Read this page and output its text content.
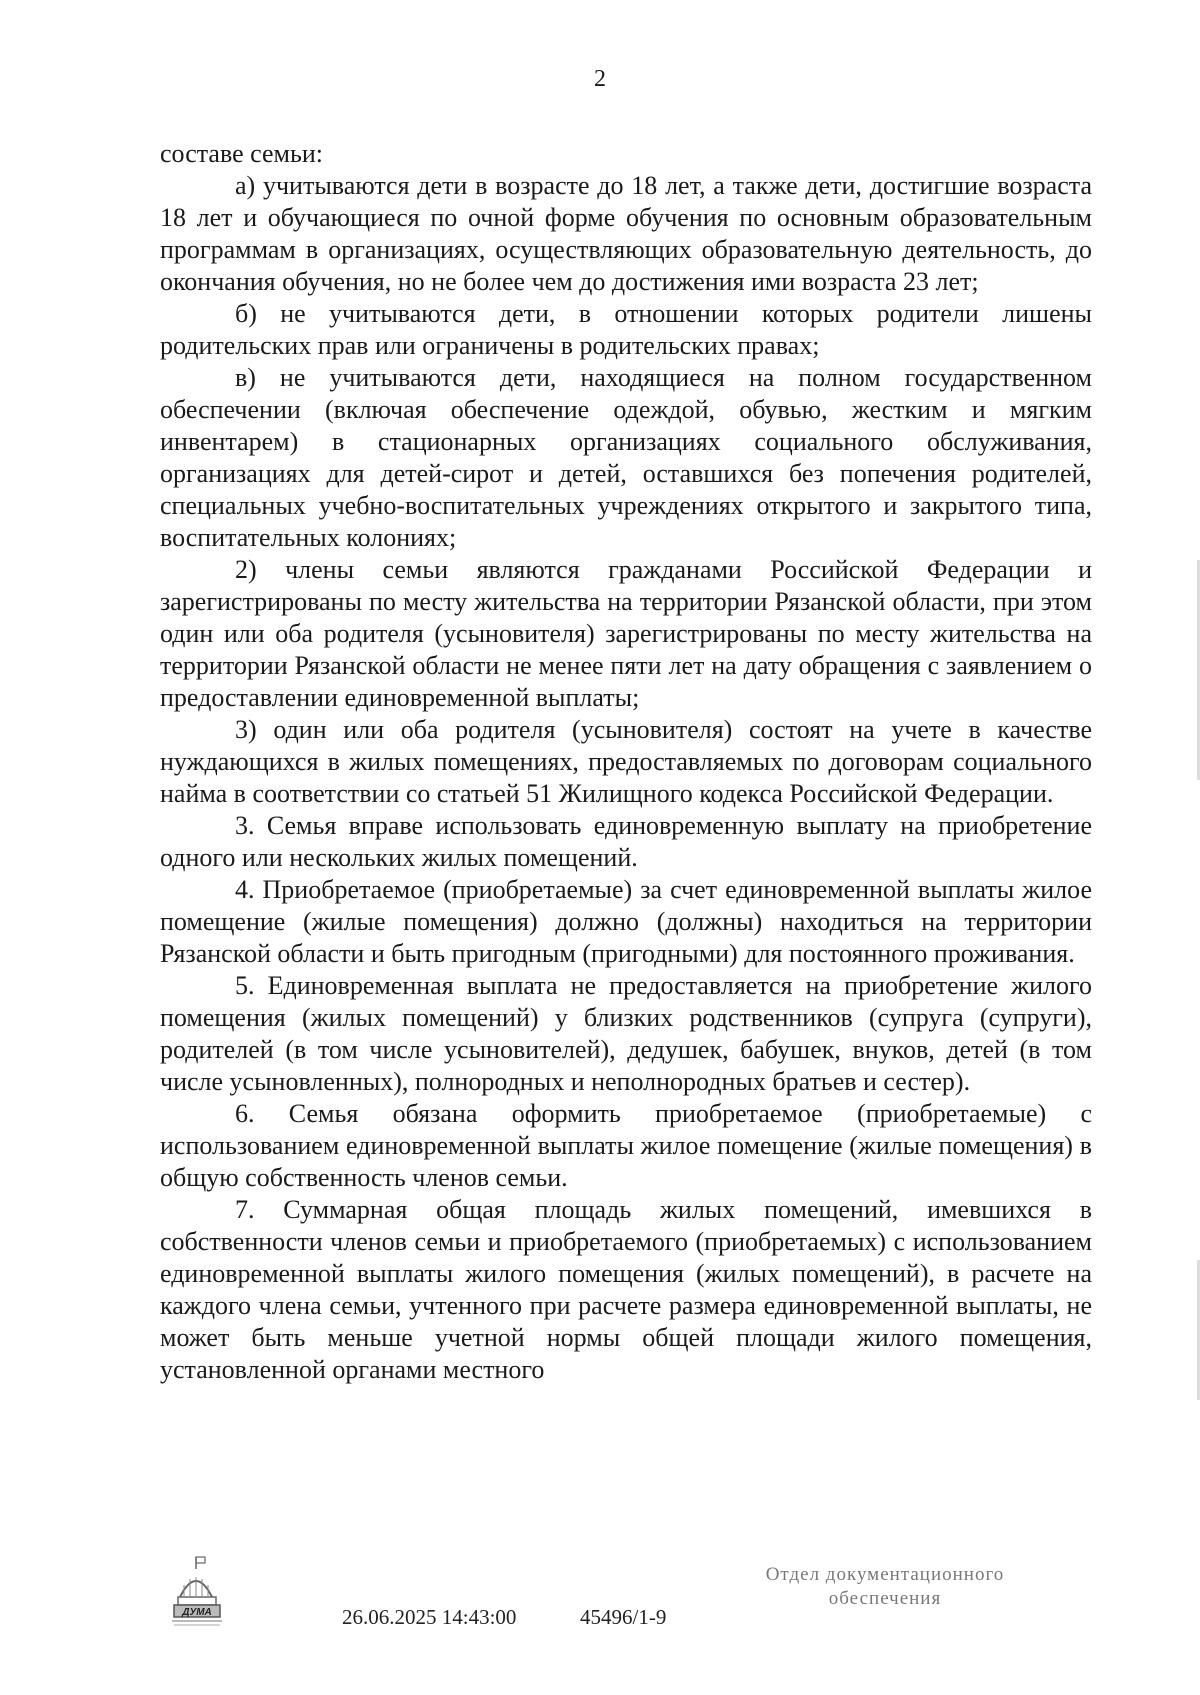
2

составе семьи:

а) учитываются дети в возрасте до 18 лет, а также дети, достигшие возраста 18 лет и обучающиеся по очной форме обучения по основным образовательным программам в организациях, осуществляющих образовательную деятельность, до окончания обучения, но не более чем до достижения ими возраста 23 лет;

б) не учитываются дети, в отношении которых родители лишены родительских прав или ограничены в родительских правах;

в) не учитываются дети, находящиеся на полном государственном обеспечении (включая обеспечение одеждой, обувью, жестким и мягким инвентарем) в стационарных организациях социального обслуживания, организациях для детей-сирот и детей, оставшихся без попечения родителей, специальных учебно-воспитательных учреждениях открытого и закрытого типа, воспитательных колониях;

2) члены семьи являются гражданами Российской Федерации и зарегистрированы по месту жительства на территории Рязанской области, при этом один или оба родителя (усыновителя) зарегистрированы по месту жительства на территории Рязанской области не менее пяти лет на дату обращения с заявлением о предоставлении единовременной выплаты;

3) один или оба родителя (усыновителя) состоят на учете в качестве нуждающихся в жилых помещениях, предоставляемых по договорам социального найма в соответствии со статьей 51 Жилищного кодекса Российской Федерации.

3. Семья вправе использовать единовременную выплату на приобретение одного или нескольких жилых помещений.

4. Приобретаемое (приобретаемые) за счет единовременной выплаты жилое помещение (жилые помещения) должно (должны) находиться на территории Рязанской области и быть пригодным (пригодными) для постоянного проживания.

5. Единовременная выплата не предоставляется на приобретение жилого помещения (жилых помещений) у близких родственников (супруга (супруги), родителей (в том числе усыновителей), дедушек, бабушек, внуков, детей (в том числе усыновленных), полнородных и неполнородных братьев и сестер).

6. Семья обязана оформить приобретаемое (приобретаемые) с использованием единовременной выплаты жилое помещение (жилые помещения) в общую собственность членов семьи.

7. Суммарная общая площадь жилых помещений, имевшихся в собственности членов семьи и приобретаемого (приобретаемых) с использованием единовременной выплаты жилого помещения (жилых помещений), в расчете на каждого члена семьи, учтенного при расчете размера единовременной выплаты, не может быть меньше учетной нормы общей площади жилого помещения, установленной органами местного

ДУМА	26.06.2025 14:43:00	45496/1-9
Отдел документационного
обеспечения
